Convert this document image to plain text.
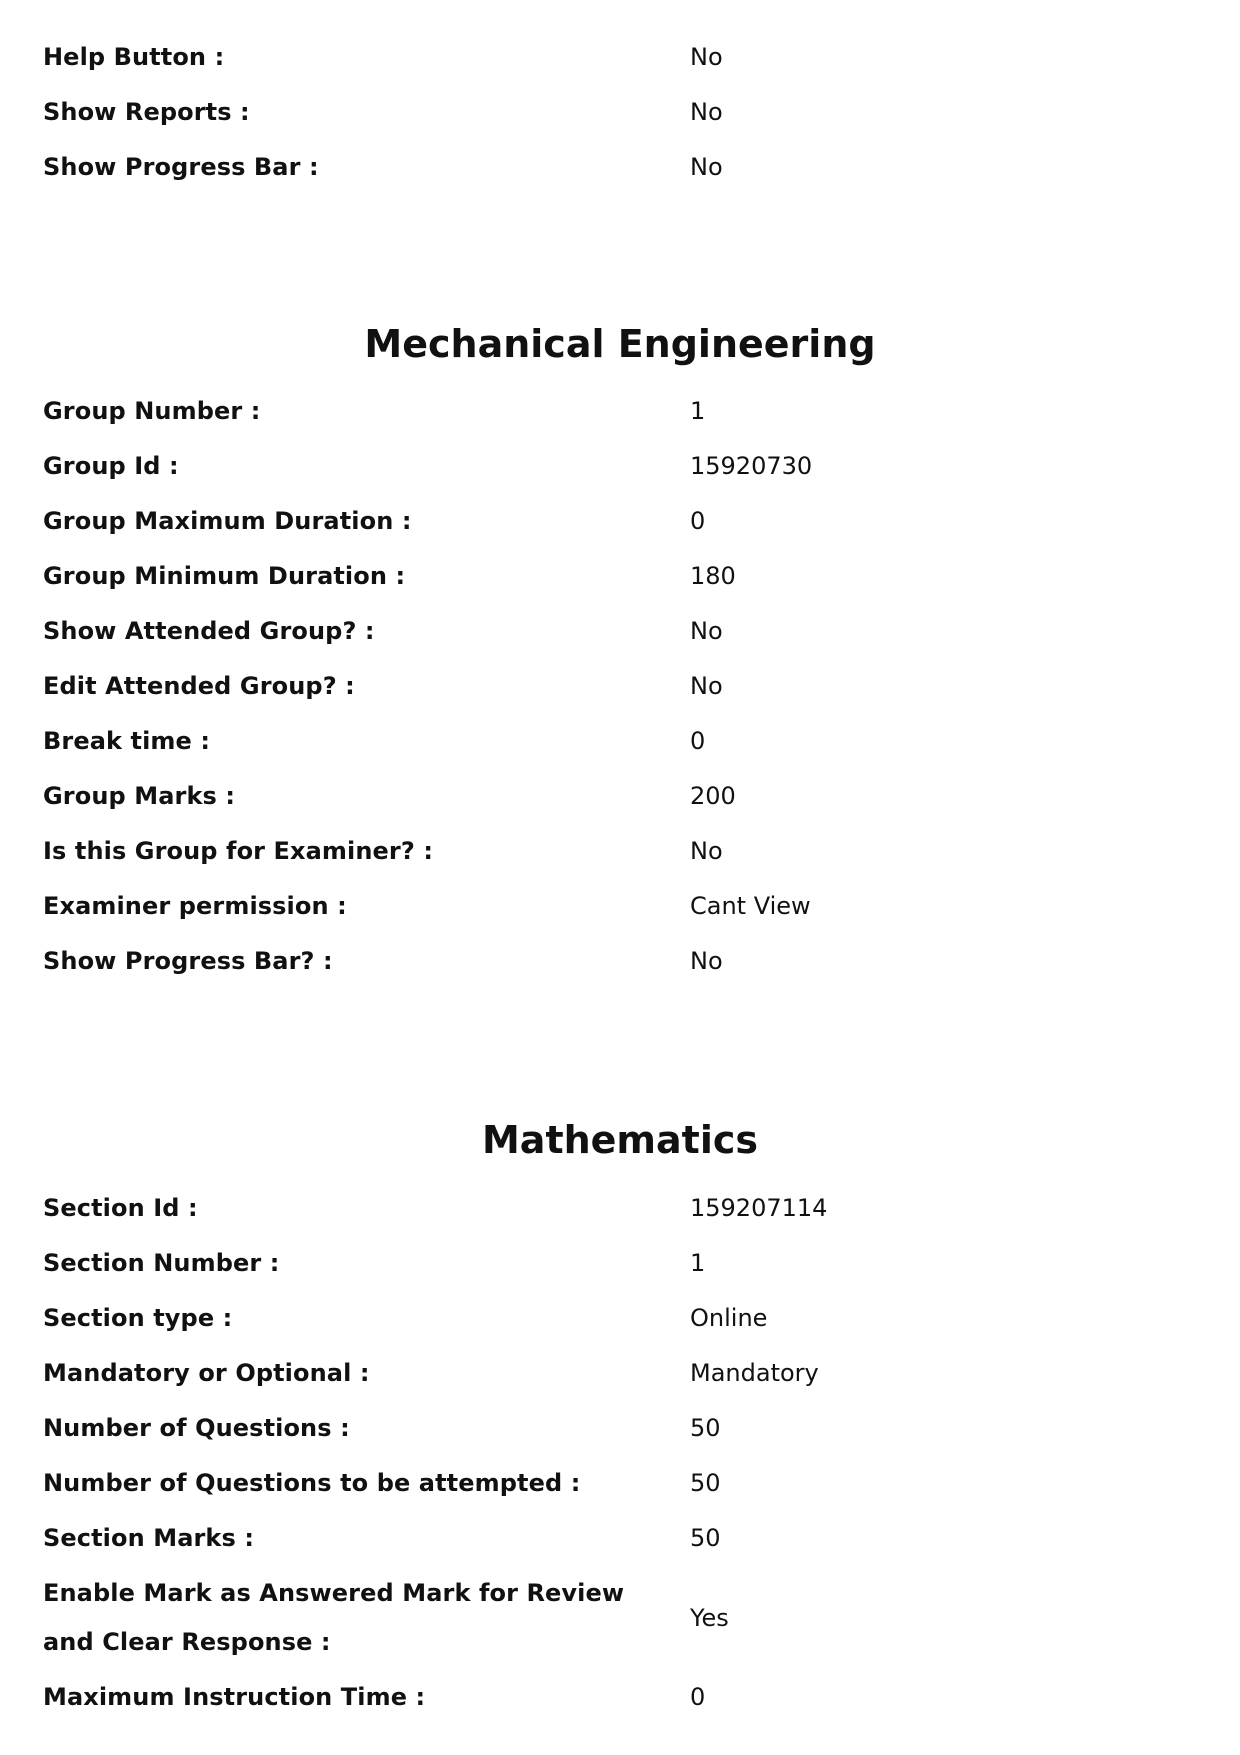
Help Button :	No
Show Reports :	No
Show Progress Bar :	No
Mechanical Engineering
Group Number :	1
Group Id :	15920730
Group Maximum Duration :	0
Group Minimum Duration :	180
Show Attended Group? :	No
Edit Attended Group? :	No
Break time :	0
Group Marks :	200
Is this Group for Examiner? :	No
Examiner permission :	Cant View
Show Progress Bar? :	No
Mathematics
Section Id :	159207114
Section Number :	1
Section type :	Online
Mandatory or Optional :	Mandatory
Number of Questions :	50
Number of Questions to be attempted :	50
Section Marks :	50
Enable Mark as Answered Mark for Review and Clear Response :
Yes
Maximum Instruction Time :	0
